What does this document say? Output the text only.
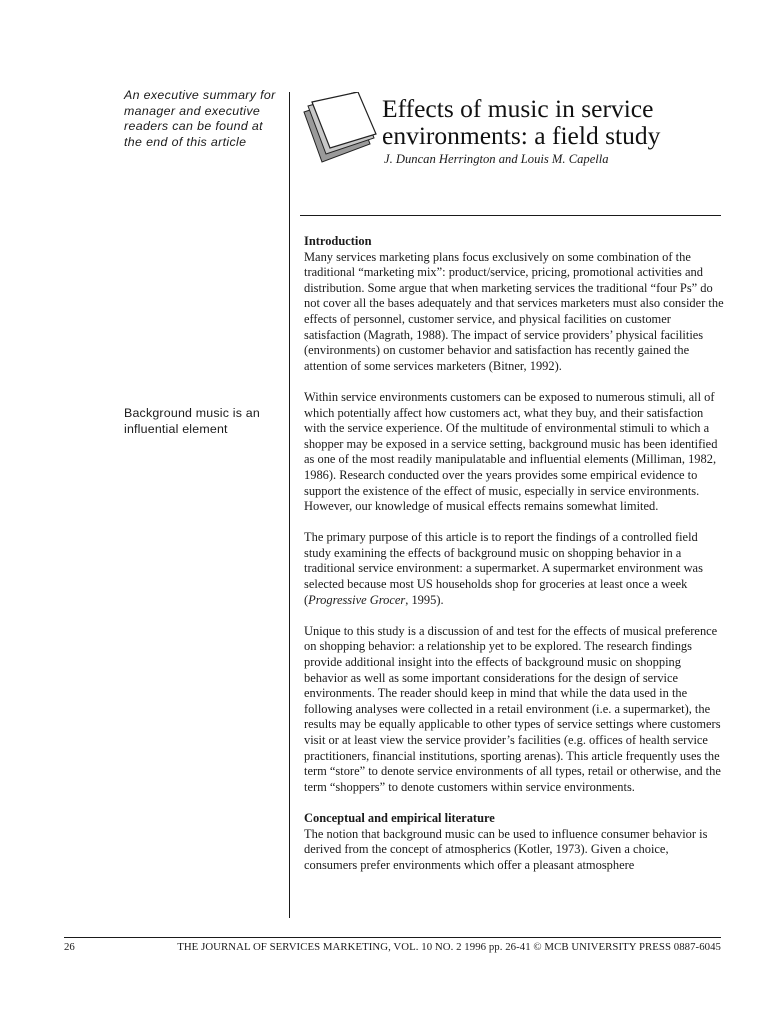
An executive summary for manager and executive readers can be found at the end of this article
Background music is an influential element
Effects of music in service environments: a field study

J. Duncan Herrington and Louis M. Capella

Introduction
Many services marketing plans focus exclusively on some combination of the traditional “marketing mix”: product/service, pricing, promotional activities and distribution. Some argue that when marketing services the traditional “four Ps” do not cover all the bases adequately and that services marketers must also consider the effects of personnel, customer service, and physical facilities on customer satisfaction (Magrath, 1988). The impact of service providers’ physical facilities (environments) on customer behavior and satisfaction has recently gained the attention of some services marketers (Bitner, 1992).

Within service environments customers can be exposed to numerous stimuli, all of which potentially affect how customers act, what they buy, and their satisfaction with the service experience. Of the multitude of environmental stimuli to which a shopper may be exposed in a service setting, background music has been identified as one of the most readily manipulatable and influential elements (Milliman, 1982, 1986). Research conducted over the years provides some empirical evidence to support the existence of the effect of music, especially in service environments. However, our knowledge of musical effects remains somewhat limited.

The primary purpose of this article is to report the findings of a controlled field study examining the effects of background music on shopping behavior in a traditional service environment: a supermarket. A supermarket environment was selected because most US households shop for groceries at least once a week (Progressive Grocer, 1995).

Unique to this study is a discussion of and test for the effects of musical preference on shopping behavior: a relationship yet to be explored. The research findings provide additional insight into the effects of background music on shopping behavior as well as some important considerations for the design of service environments. The reader should keep in mind that while the data used in the following analyses were collected in a retail environment (i.e. a supermarket), the results may be equally applicable to other types of service settings where customers visit or at least view the service provider’s facilities (e.g. offices of health service practitioners, financial institutions, sporting arenas). This article frequently uses the term “store” to denote service environments of all types, retail or otherwise, and the term “shoppers” to denote customers within service environments.

Conceptual and empirical literature
The notion that background music can be used to influence consumer behavior is derived from the concept of atmospherics (Kotler, 1973). Given a choice, consumers prefer environments which offer a pleasant atmosphere

26	THE JOURNAL OF SERVICES MARKETING, VOL. 10 NO. 2 1996 pp. 26-41 © MCB UNIVERSITY PRESS 0887-6045
